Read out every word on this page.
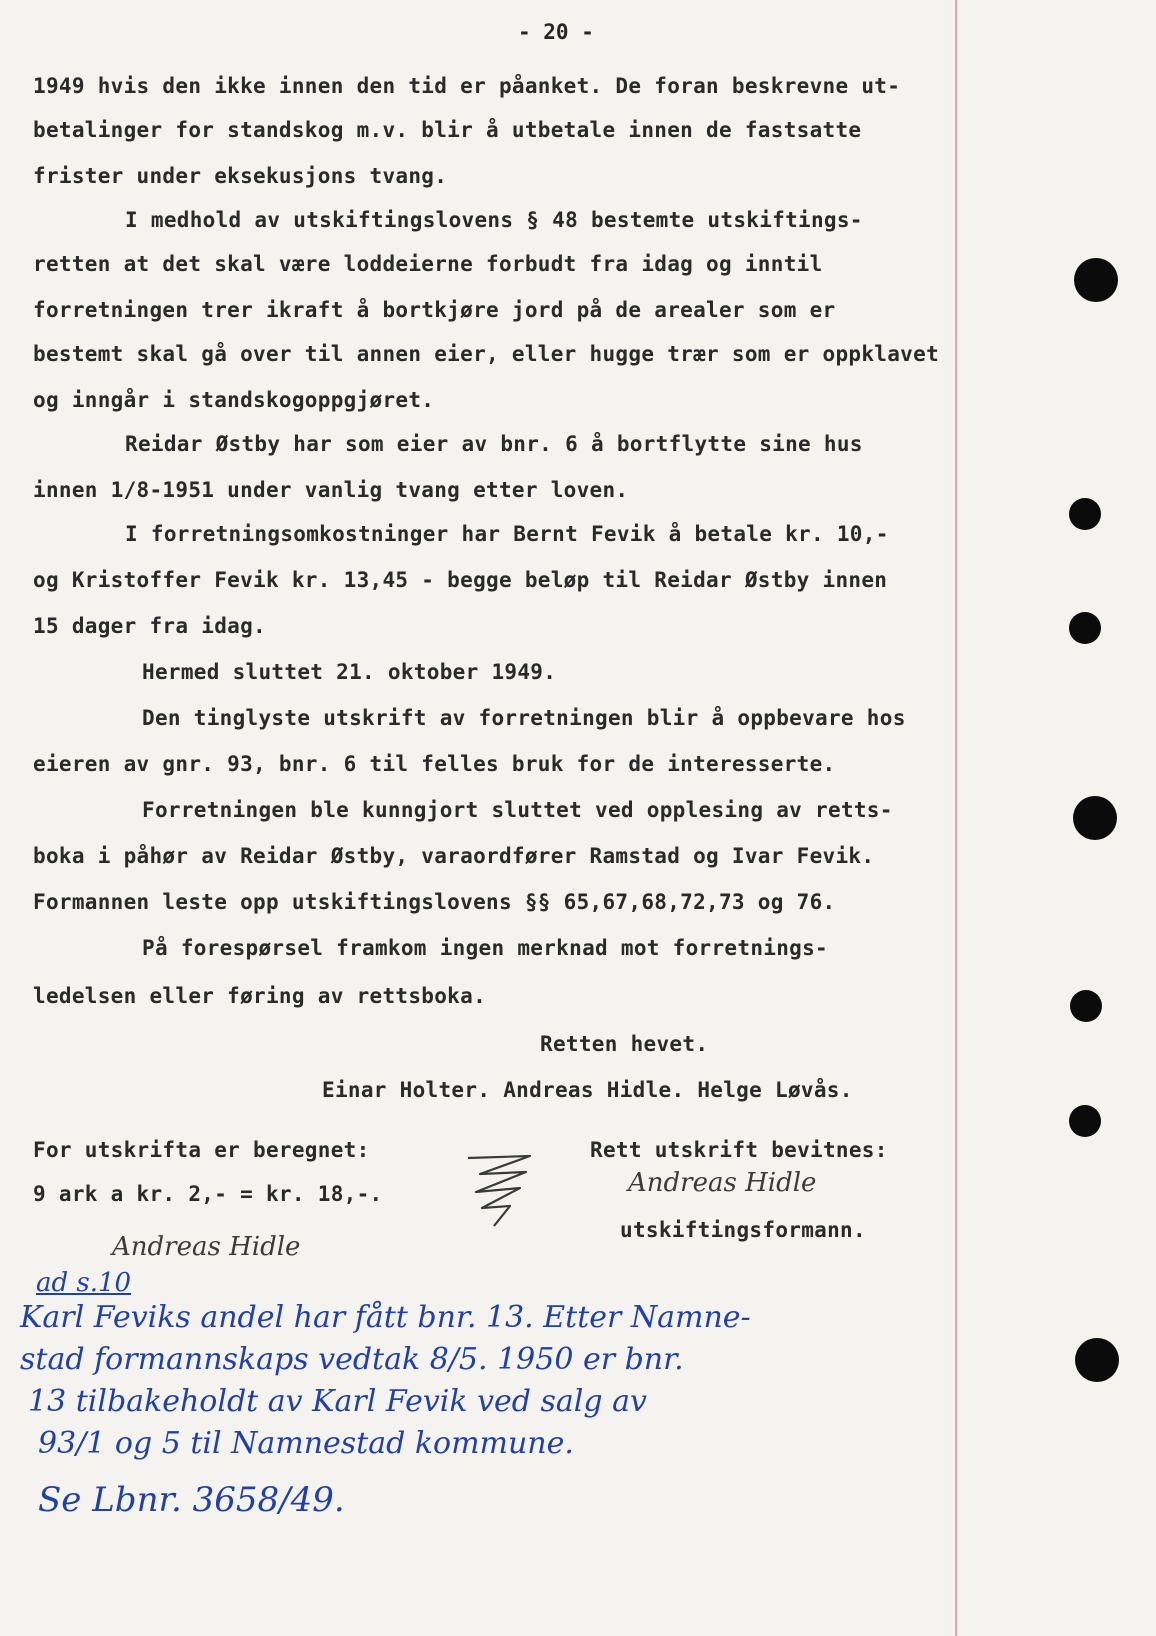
- 20 -
1949 hvis den ikke innen den tid er påanket. De foran beskrevne ut-
betalinger for standskog m.v. blir å utbetale innen de fastsatte
frister under eksekusjons tvang.
I medhold av utskiftingslovens § 48 bestemte utskiftings-
retten at det skal være loddeierne forbudt fra idag og inntil
forretningen trer ikraft å bortkjøre jord på de arealer som er
bestemt skal gå over til annen eier, eller hugge trær som er oppklavet
og inngår i standskogoppgjøret.
Reidar Østby har som eier av bnr. 6 å bortflytte sine hus
innen 1/8-1951 under vanlig tvang etter loven.
I forretningsomkostninger har Bernt Fevik å betale kr. 10,-
og Kristoffer Fevik kr. 13,45 - begge beløp til Reidar Østby innen
15 dager fra idag.
Hermed sluttet 21. oktober 1949.
Den tinglyste utskrift av forretningen blir å oppbevare hos
eieren av gnr. 93, bnr. 6 til felles bruk for de interesserte.
Forretningen ble kunngjort sluttet ved opplesing av retts-
boka i påhør av Reidar Østby, varaordfører Ramstad og Ivar Fevik.
Formannen leste opp utskiftingslovens §§ 65,67,68,72,73 og 76.
På forespørsel framkom ingen merknad mot forretnings-
ledelsen eller føring av rettsboka.
Retten hevet.
Einar Holter. Andreas Hidle. Helge Løvås.
For utskrifta er beregnet:	Rett utskrift bevitnes:
9 ark a kr. 2,- = kr. 18,-.
utskiftingsformann.
Andreas Hidle
Andreas Hidle
ad s.10
Karl Feviks andel har fått bnr. 13. Etter Namne-
stad formannskaps vedtak 8/5. 1950 er bnr.
13 tilbakeholdt av Karl Fevik ved salg av
93/1 og 5 til Namnestad kommune.
Se Lbnr. 3658/49.
